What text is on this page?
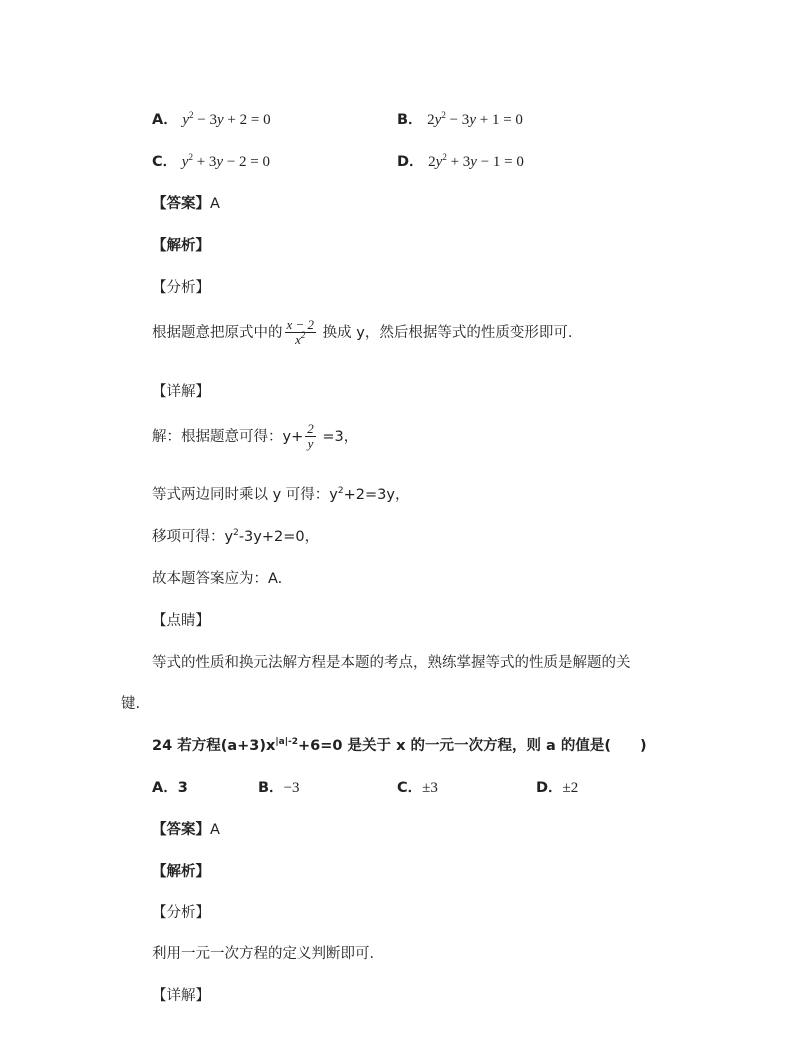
A． $y^2 - 3y + 2 = 0$	B． $2y^2 - 3y + 1 = 0$
C． $y^2 + 3y - 2 = 0$	D． $2y^2 + 3y - 1 = 0$
【答案】A
【解析】
【分析】
根据题意把原式中的 $\frac{x - 2}{x^2}$ 换成 y，然后根据等式的性质变形即可.
【详解】
解：根据题意可得：$y+ \frac{2}{y} =3$，
等式两边同时乘以 y 可得：$y^2+2=3y$，
移项可得：$y^2-3y+2=0$，
故本题答案应为：A.
【点睛】
等式的性质和换元法解方程是本题的考点，熟练掌握等式的性质是解题的关
键.
24 若方程$(a+3)x^{|a|-2}+6=0$ 是关于 x 的一元一次方程，则 a 的值是(　　)
A．3	B．−3	C．±3	D．±2
【答案】A
【解析】
【分析】
利用一元一次方程的定义判断即可．
【详解】
